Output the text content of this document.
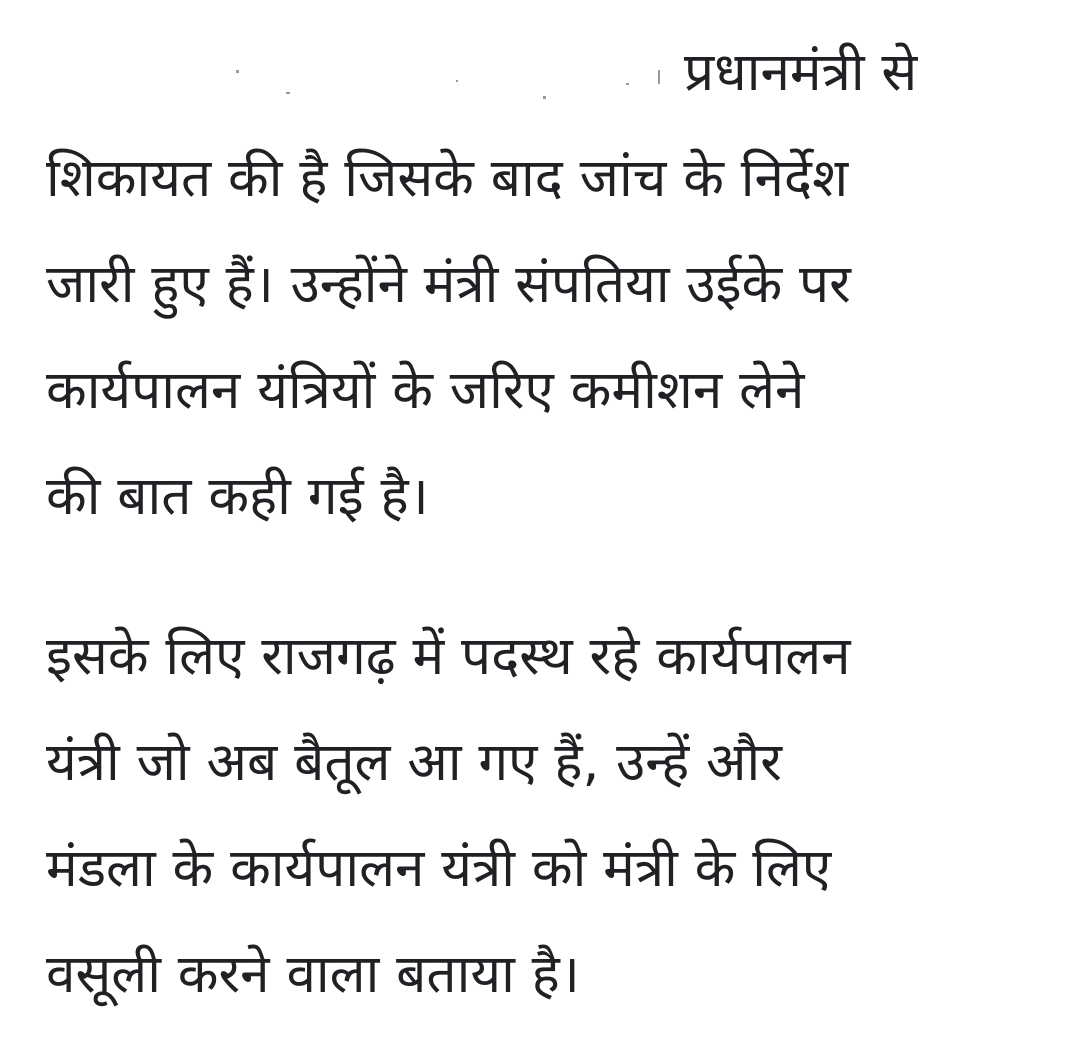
प्रधानमंत्री से
शिकायत की है जिसके बाद जांच के निर्देश
जारी हुए हैं। उन्होंने मंत्री संपतिया उईके पर
कार्यपालन यंत्रियों के जरिए कमीशन लेने
की बात कही गई है।
इसके लिए राजगढ़ में पदस्थ रहे कार्यपालन
यंत्री जो अब बैतूल आ गए हैं, उन्हें और
मंडला के कार्यपालन यंत्री को मंत्री के लिए
वसूली करने वाला बताया है।
